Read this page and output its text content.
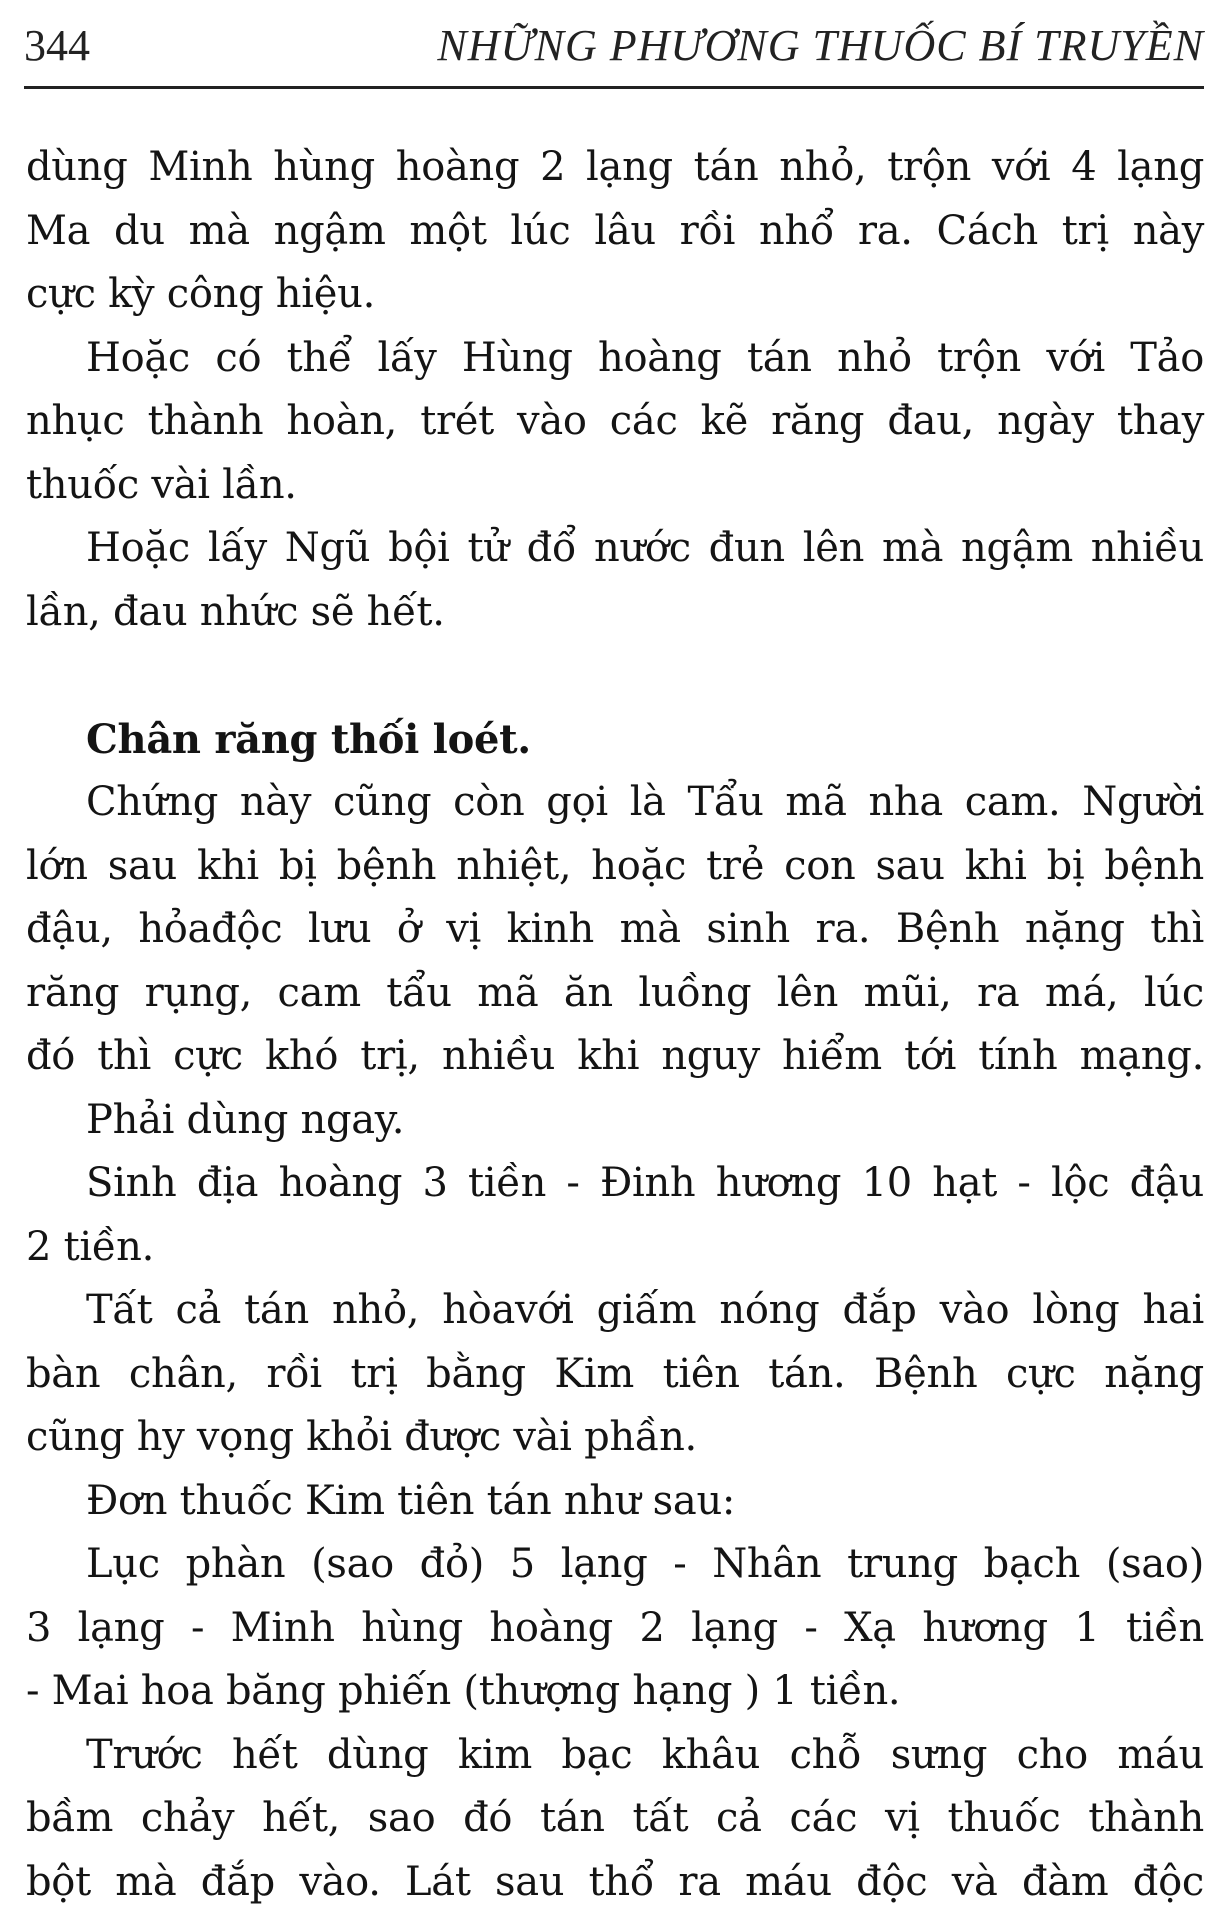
344	NHỮNG PHƯƠNG THUỐC BÍ TRUYỀN
dùng Minh hùng hoàng 2 lạng tán nhỏ, trộn với 4 lạng
Ma du mà ngậm một lúc lâu rồi nhổ ra. Cách trị này
cực kỳ công hiệu.
Hoặc có thể lấy Hùng hoàng tán nhỏ trộn với Tảo
nhục thành hoàn, trét vào các kẽ răng đau, ngày thay
thuốc vài lần.
Hoặc lấy Ngũ bội tử đổ nước đun lên mà ngậm nhiều
lần, đau nhức sẽ hết.
Chân răng thối loét.
Chứng này cũng còn gọi là Tẩu mã nha cam. Người
lớn sau khi bị bệnh nhiệt, hoặc trẻ con sau khi bị bệnh
đậu, hỏađộc lưu ở vị kinh mà sinh ra. Bệnh nặng thì
răng rụng, cam tẩu mã ăn luồng lên mũi, ra má, lúc
đó thì cực khó trị, nhiều khi nguy hiểm tới tính mạng.
Phải dùng ngay.
Sinh địa hoàng 3 tiền - Đinh hương 10 hạt - lộc đậu
2 tiền.
Tất cả tán nhỏ, hòavới giấm nóng đắp vào lòng hai
bàn chân, rồi trị bằng Kim tiên tán. Bệnh cực nặng
cũng hy vọng khỏi được vài phần.
Đơn thuốc Kim tiên tán như sau:
Lục phàn (sao đỏ) 5 lạng - Nhân trung bạch (sao)
3 lạng - Minh hùng hoàng 2 lạng - Xạ hương 1 tiền
- Mai hoa băng phiến (thượng hạng ) 1 tiền.
Trước hết dùng kim bạc khâu chỗ sưng cho máu
bầm chảy hết, sao đó tán tất cả các vị thuốc thành
bột mà đắp vào. Lát sau thổ ra máu độc và đàm độc
